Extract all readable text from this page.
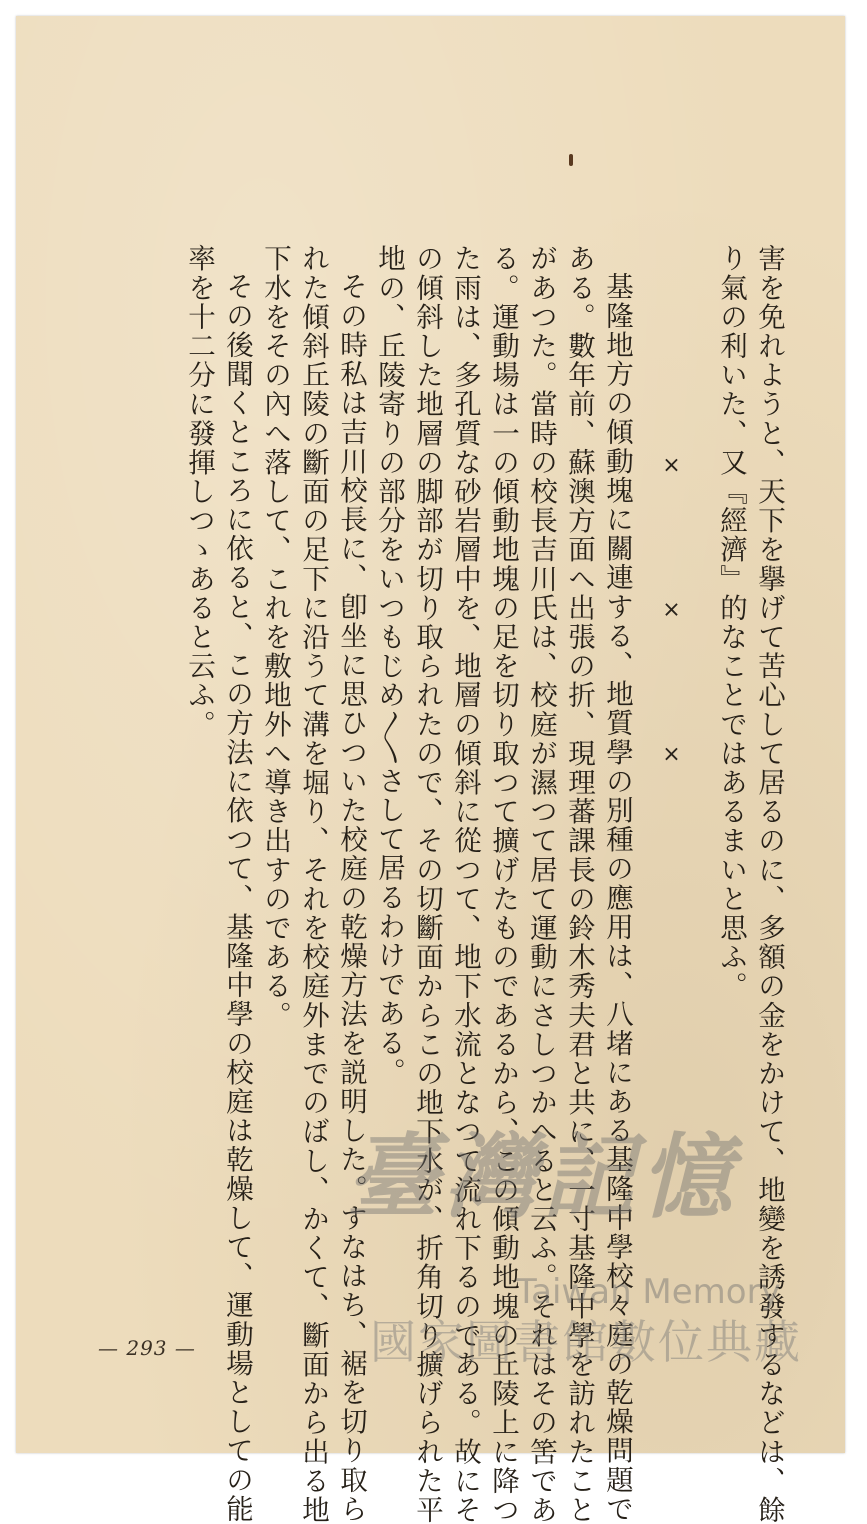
害を免れようと、天下を擧げて苦心して居るのに、多額の金をかけて、地變を誘發するなどは、餘
り氣の利いた、又『經濟』的なことではあるまいと思ふ。
×　　　　　×　　　　　×
基隆地方の傾動塊に關連する、地質學の別種の應用は、八堵にある基隆中學校々庭の乾燥問題で
ある。數年前、蘇澳方面へ出張の折、現理蕃課長の鈴木秀夫君と共に、一寸基隆中學を訪れたこと
があつた。當時の校長吉川氏は、校庭が濕つて居て運動にさしつかへると云ふ。それはその筈であ
る。運動場は一の傾動地塊の足を切り取つて擴げたものであるから、この傾動地塊の丘陵上に降つ
た雨は、多孔質な砂岩層中を、地層の傾斜に從つて、地下水流となつて流れ下るのである。故にそ
の傾斜した地層の脚部が切り取られたので、その切斷面からこの地下水が、折角切り擴げられた平
地の、丘陵寄りの部分をいつもじめ〳〵さして居るわけである。
その時私は吉川校長に、卽坐に思ひついた校庭の乾燥方法を説明した。すなはち、裾を切り取ら
れた傾斜丘陵の斷面の足下に沿うて溝を堀り、それを校庭外までのばし、かくて、斷面から出る地
下水をその內へ落して、これを敷地外へ導き出すのである。
その後聞くところに依ると、この方法に依つて、基隆中學の校庭は乾燥して、運動場としての能
率を十二分に發揮しつゝあると云ふ。
— 293 —
臺灣記憶
Taiwan Memory
國家圖書館數位典藏
